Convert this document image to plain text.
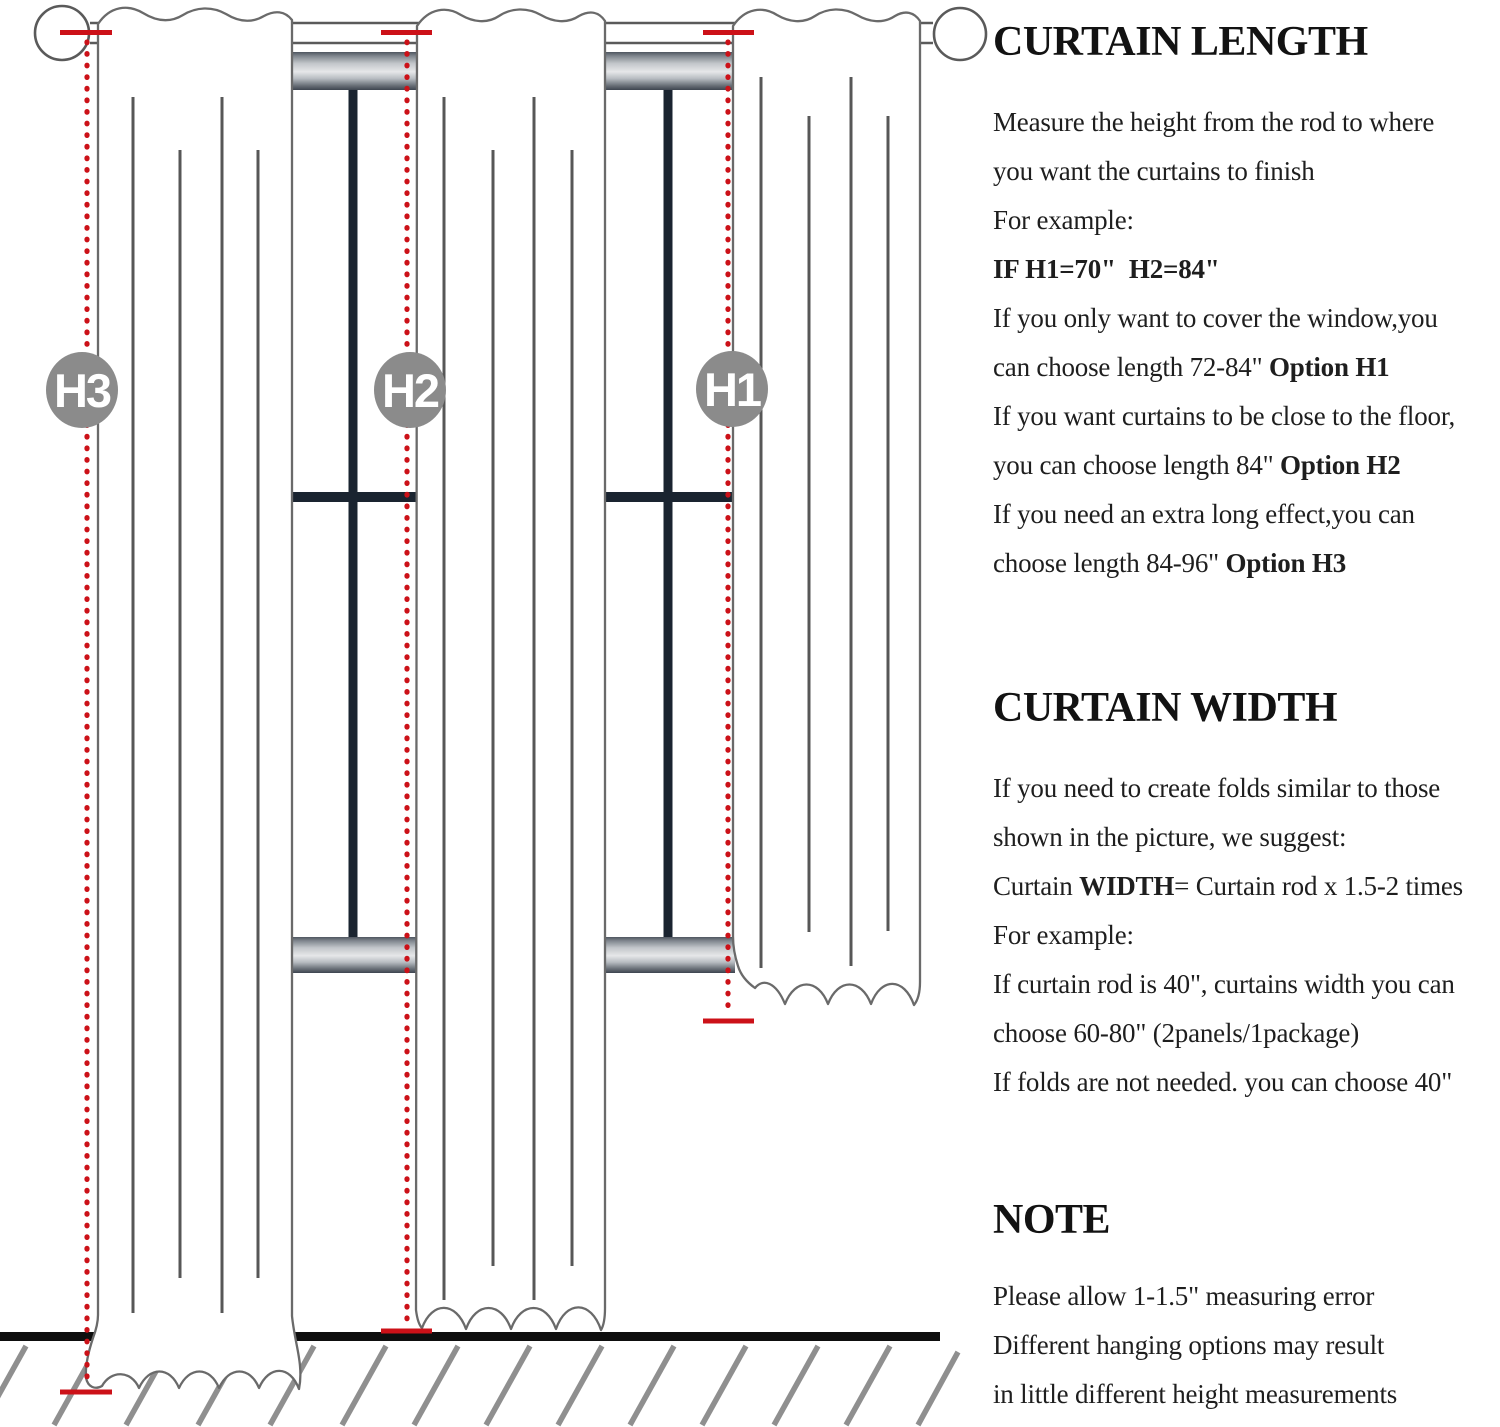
H3	H2	H1
CURTAIN LENGTH

Measure the height from the rod to where

you want the curtains to finish

For example:

IF H1=70"  H2=84"

If you only want to cover the window,you

can choose length 72-84" Option H1

If you want curtains to be close to the floor,

you can choose length 84" Option H2

If you need an extra long effect,you can

choose length 84-96" Option H3

CURTAIN WIDTH

If you need to create folds similar to those

shown in the picture, we suggest:

Curtain WIDTH= Curtain rod x 1.5-2 times

For example:

If curtain rod is 40", curtains width you can

choose 60-80" (2panels/1package)

If folds are not needed. you can choose 40"

NOTE

Please allow 1-1.5" measuring error

Different hanging options may result

in little different height measurements
